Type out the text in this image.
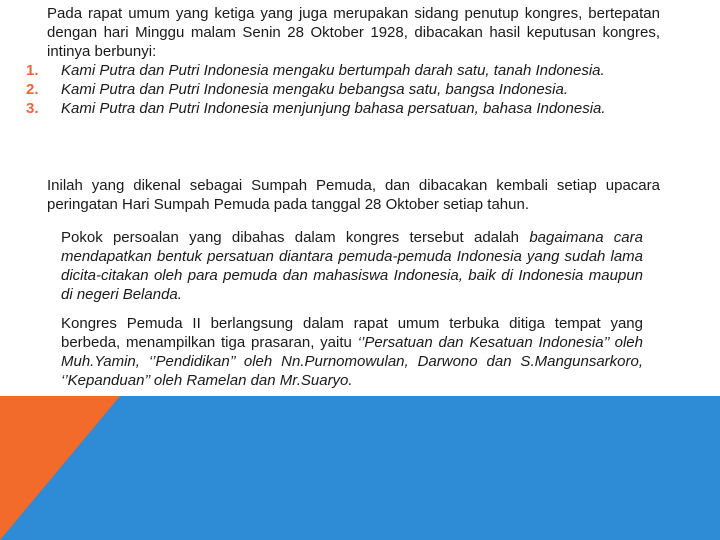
Pada rapat umum yang ketiga yang juga merupakan sidang penutup kongres, bertepatan dengan hari Minggu malam Senin 28 Oktober 1928, dibacakan hasil keputusan kongres, intinya berbunyi:

1. Kami Putra dan Putri Indonesia mengaku bertumpah darah satu, tanah Indonesia.
2. Kami Putra dan Putri Indonesia mengaku bebangsa satu, bangsa Indonesia.
3. Kami Putra dan Putri Indonesia menjunjung bahasa persatuan, bahasa Indonesia.

Inilah yang dikenal sebagai Sumpah Pemuda, dan dibacakan kembali setiap upacara peringatan Hari Sumpah Pemuda pada tanggal 28 Oktober setiap tahun.

Pokok persoalan yang dibahas dalam kongres tersebut adalah bagaimana cara mendapatkan bentuk persatuan diantara pemuda-pemuda Indonesia yang sudah lama dicita-citakan oleh para pemuda dan mahasiswa Indonesia, baik di Indonesia maupun di negeri Belanda.

Kongres Pemuda II berlangsung dalam rapat umum terbuka ditiga tempat yang berbeda, menampilkan tiga prasaran, yaitu ‘’Persatuan dan Kesatuan Indonesia’’ oleh Muh.Yamin, ‘’Pendidikan’’ oleh Nn.Purnomowulan, Darwono dan S.Mangunsarkoro, ‘’Kepanduan’’ oleh Ramelan dan Mr.Suaryo.
